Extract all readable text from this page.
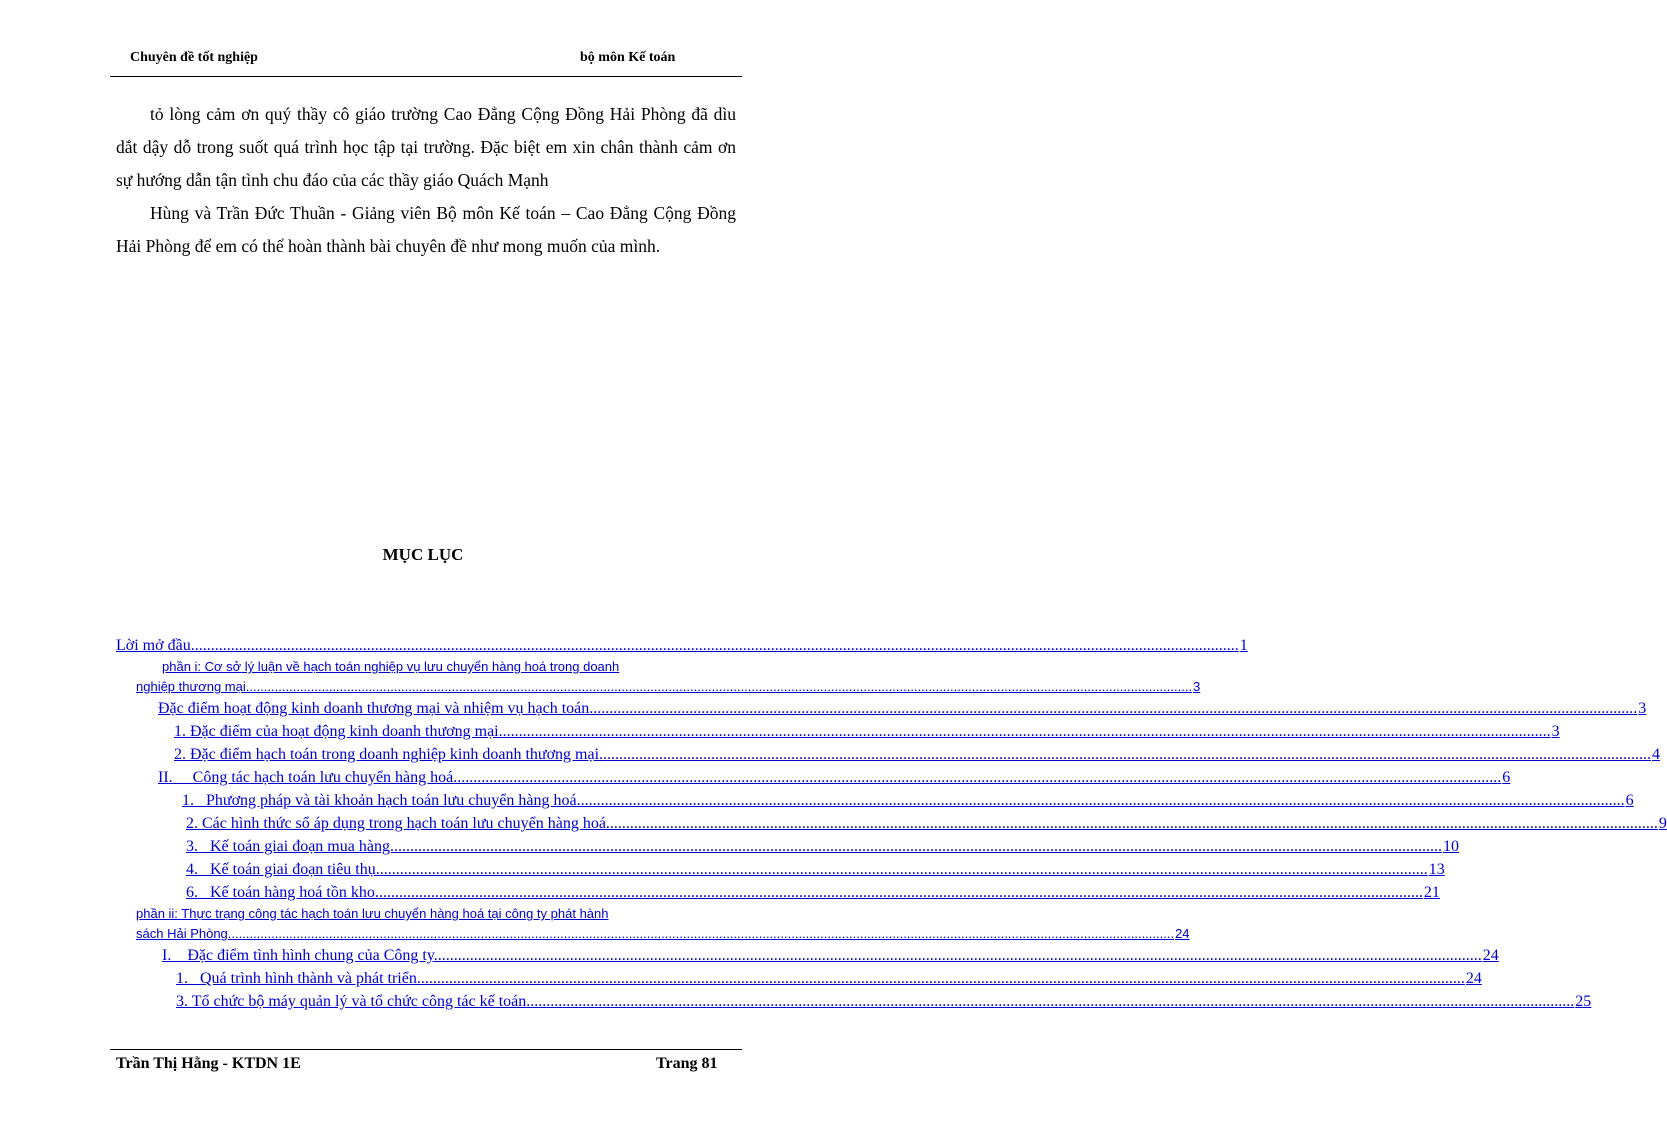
Chuyên đề tốt nghiệp	bộ môn Kế toán

tỏ lòng cảm ơn quý thầy cô giáo trường Cao Đẳng Cộng Đồng Hải Phòng đã dìu dắt dậy dỗ trong suốt quá trình học tập tại trường. Đặc biệt em xin chân thành cảm ơn sự hướng dẫn tận tình chu đáo của các thầy giáo Quách Mạnh

Hùng và Trần Đức Thuần - Giảng viên Bộ môn Kế toán – Cao Đẳng Cộng Đồng Hải Phòng để em có thể hoàn thành bài chuyên đề như mong muốn của mình.

MỤC LỤC
Lời mở đầu .....	1
phần i: Cơ sở lý luận về hạch toán nghiệp vụ lưu chuyển hàng hoá trong doanh
nghiệp thương mại .....	3
Đặc điểm hoạt động kinh doanh thương mại và nhiệm vụ hạch toán .....	3
1. Đặc điểm của hoạt động kinh doanh thương mại. .....	3
2. Đặc điểm hạch toán trong doanh nghiệp kinh doanh thương mại. .....	4
II.     Công tác hạch toán lưu chuyển hàng hoá .....	6
1.   Phương pháp và tài khoản hạch toán lưu chuyển hàng hoá .....	6
2. Các hình thức sổ áp dụng trong hạch toán lưu chuyển hàng hoá. .....	9
3.   Kế toán giai đoạn mua hàng. .....	10
4.   Kế toán giai đoạn tiêu thụ. .....	13
6.   Kế toán hàng hoá tồn kho .....	21
phần ii: Thực trạng công tác hạch toán lưu chuyển hàng hoá tại công ty phát hành
sách Hải Phòng .....	24
I.    Đặc điểm tình hình chung của Công ty .....	24
1.   Quá trình hình thành và phát triển .....	24
3. Tổ chức bộ máy quản lý và tổ chức công tác kế toán .....	25
Trần Thị Hằng - KTDN 1E	Trang 81
